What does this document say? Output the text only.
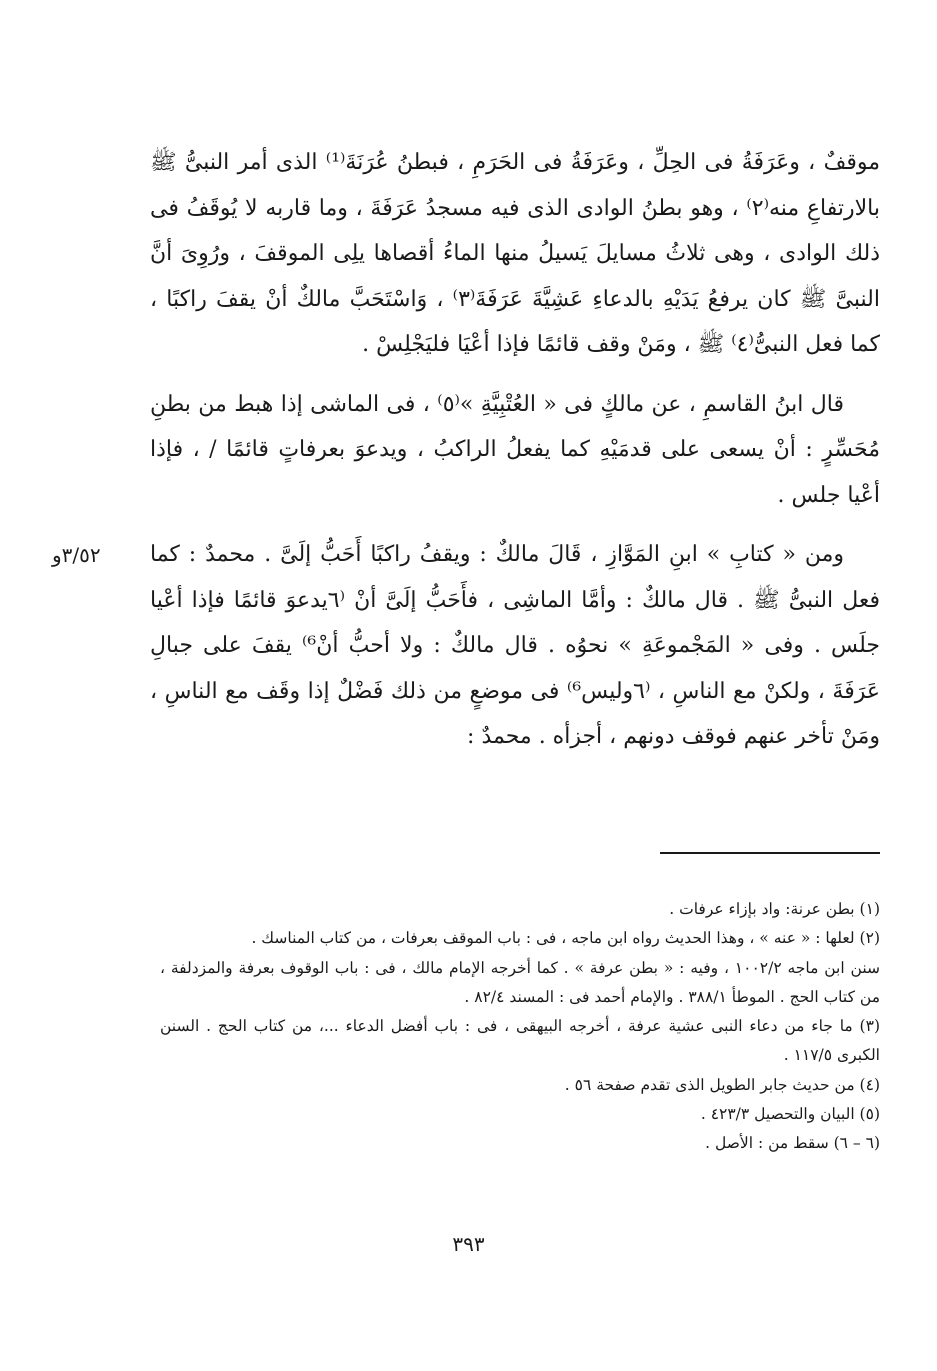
موقفٌ ، وعَرَفَةُ فى الحِلِّ ، وعَرَفَةُ فى الحَرَمِ ، فبطنُ عُرَنَةَ⁽¹⁾ الذى أمر النبىُّ ﷺ بالارتفاعِ منه⁽٢⁾ ، وهو بطنُ الوادى الذى فيه مسجدُ عَرَفَةَ ، وما قاربه لا يُوقَفُ فى ذلك الوادى ، وهى ثلاثُ مسايلَ يَسيلُ منها الماءُ أقصاها يلِى الموقفَ ، ورُوِىَ أنَّ النبىَّ ﷺ كان يرفعُ يَدَيْهِ بالدعاءِ عَشِيَّةَ عَرَفَةَ⁽٣⁾ ، وَاسْتَحَبَّ مالكٌ أنْ يقفَ راكبًا ، كما فعل النبىُّ⁽٤⁾ ﷺ ، ومَنْ وقف قائمًا فإذا أعْيَا فليَجْلِسْ .

قال ابنُ القاسمِ ، عن مالكٍ فى « العُتْبِيَّةِ »⁽٥⁾ ، فى الماشى إذا هبط من بطنِ مُحَسِّرٍ : أنْ يسعى على قدمَيْهِ كما يفعلُ الراكبُ ، ويدعوَ بعرفاتٍ قائمًا / ، فإذا أعْيا جلس .

ومن « كتابِ » ابنِ المَوَّازِ ، قَالَ مالكٌ : ويقفُ راكبًا أَحَبُّ إلَىَّ . محمدٌ : كما فعل النبىُّ ﷺ . قال مالكٌ : وأمَّا الماشِى ، فأَحَبُّ إلَىَّ أنْ ⁽٦يدعوَ قائمًا فإذا أعْيا جلَس . وفى « المَجْموعَةِ » نحوُه . قال مالكٌ : ولا أحبُّ أنْ⁶⁾ يقفَ على جبالِ عَرَفَةَ ، ولكنْ مع الناسِ ، ⁽٦وليس⁶⁾ فى موضعٍ من ذلك فَضْلٌ إذا وقَف مع الناسِ ، ومَنْ تأخر عنهم فوقف دونهم ، أجزأه . محمدٌ :

٣/٥٢و
(١) بطن عرنة: واد بإزاء عرفات .
(٢) لعلها : « عنه » ، وهذا الحديث رواه ابن ماجه ، فى : باب الموقف بعرفات ، من كتاب المناسك .
سنن ابن ماجه ١٠٠٢/٢ ، وفيه : « بطن عرفة » . كما أخرجه الإمام مالك ، فى : باب الوقوف بعرفة والمزدلفة ، من كتاب الحج . الموطأ ٣٨٨/١ . والإمام أحمد فى : المسند ٨٢/٤ .
(٣) ما جاء من دعاء النبى عشية عرفة ، أخرجه البيهقى ، فى : باب أفضل الدعاء ...، من كتاب الحج . السنن الكبرى ١١٧/٥ .
(٤) من حديث جابر الطويل الذى تقدم صفحة ٥٦ .
(٥) البيان والتحصيل ٤٢٣/٣ .
(٦ – ٦) سقط من : الأصل .
٣٩٣
